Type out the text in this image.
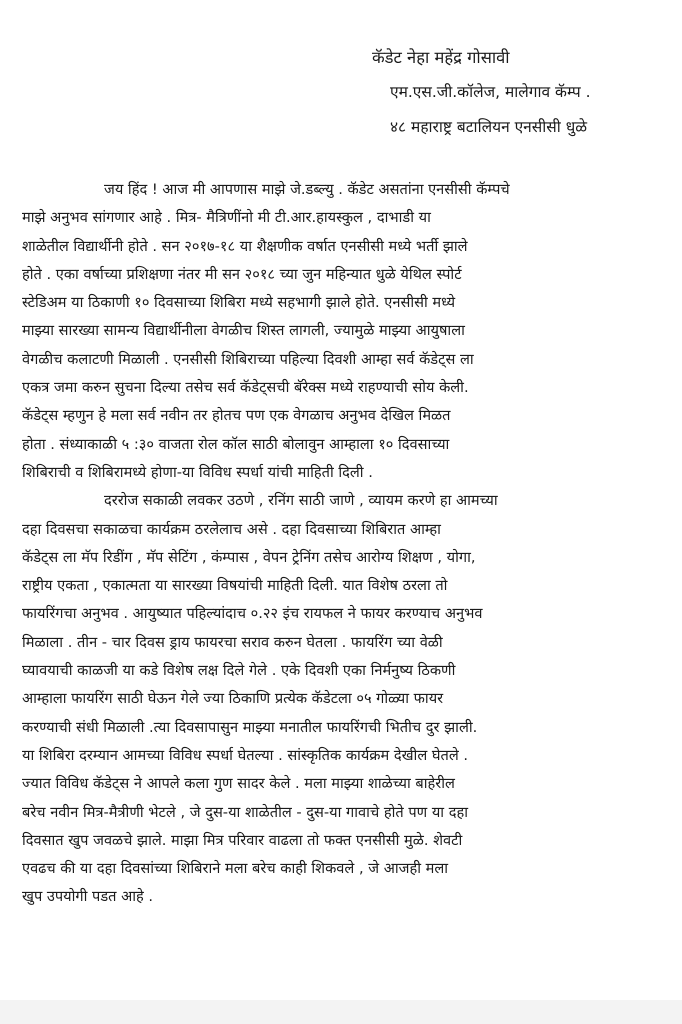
कॅडेट नेहा महेंद्र गोसावी
एम.एस.जी.कॉलेज, मालेगाव कॅम्प .
४८ महाराष्ट्र बटालियन एनसीसी धुळे
जय हिंद ! आज मी आपणास माझे जे.डब्ल्यु . कॅडेट असतांना एनसीसी कॅम्पचे
माझे अनुभव सांगणार आहे . मित्र- मैत्रिणींनो मी टी.आर.हायस्कुल , दाभाडी या
शाळेतील विद्यार्थीनी होते . सन २०१७-१८ या शैक्षणीक वर्षात एनसीसी मध्ये भर्ती झाले
होते . एका वर्षाच्या प्रशिक्षणा नंतर मी सन २०१८ च्या जुन महिन्यात धुळे येथिल स्पोर्ट
स्टेडिअम या ठिकाणी १० दिवसाच्या शिबिरा मध्ये सहभागी झाले होते. एनसीसी मध्ये
माझ्या सारख्या सामन्य विद्यार्थीनीला वेगळीच शिस्त लागली, ज्यामुळे माझ्या आयुषाला
वेगळीच कलाटणी मिळाली . एनसीसी शिबिराच्या पहिल्या दिवशी आम्हा सर्व कॅडेट्स ला
एकत्र जमा करुन सुचना दिल्या तसेच सर्व कॅडेट्सची बॅरेक्स मध्ये राहण्याची सोय केली.
कॅडेट्स म्हणुन हे मला सर्व नवीन तर होतच पण एक वेगळाच अनुभव देखिल मिळत
होता . संध्याकाळी ५ :३० वाजता रोल कॉल साठी बोलावुन आम्हाला १० दिवसाच्या
शिबिराची व शिबिरामध्ये होणा-या विविध स्पर्धा यांची माहिती दिली .
दररोज सकाळी लवकर उठणे , रनिंग साठी जाणे , व्यायम करणे हा आमच्या
दहा दिवसचा सकाळचा कार्यक्रम ठरलेलाच असे . दहा दिवसाच्या शिबिरात आम्हा
कॅडेट्स ला मॅप रिडींग , मॅप सेटिंग , कंम्पास , वेपन ट्रेनिंग तसेच आरोग्य शिक्षण , योगा,
राष्ट्रीय एकता , एकात्मता या सारख्या विषयांची माहिती दिली. यात विशेष ठरला तो
फायरिंगचा अनुभव . आयुष्यात पहिल्यांदाच ०.२२ इंच रायफल ने फायर करण्याच अनुभव
मिळाला . तीन - चार दिवस ड्राय फायरचा सराव करुन घेतला . फायरिंग च्या वेळी
घ्यावयाची काळजी या कडे विशेष लक्ष दिले गेले . एके दिवशी एका निर्मनुष्य ठिकणी
आम्हाला फायरिंग साठी घेऊन गेले ज्या ठिकाणि प्रत्येक कॅडेटला ०५ गोळ्या फायर
करण्याची संधी मिळाली .त्या दिवसापासुन माझ्या मनातील फायरिंगची भितीच दुर झाली.
या शिबिरा दरम्यान आमच्या विविध स्पर्धा घेतल्या . सांस्कृतिक कार्यक्रम देखील घेतले .
ज्यात विविध कॅडेट्स ने आपले कला गुण सादर केले . मला माझ्या शाळेच्या बाहेरील
बरेच नवीन मित्र-मैत्रीणी भेटले , जे दुस-या शाळेतील - दुस-या गावाचे होते पण या दहा
दिवसात खुप जवळचे झाले. माझा मित्र परिवार वाढला तो फक्त एनसीसी मुळे. शेवटी
एवढच की या दहा दिवसांच्या शिबिराने मला बरेच काही शिकवले , जे आजही मला
खुप उपयोगी पडत आहे .
